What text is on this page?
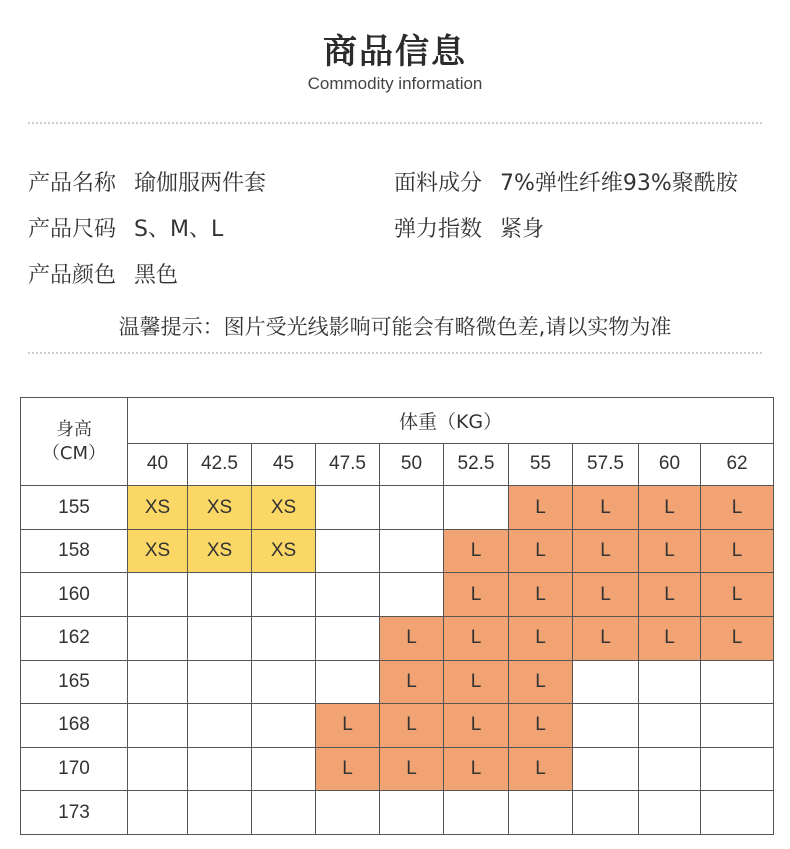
商品信息
Commodity information
产品名称 瑜伽服两件套	面料成分 7%弹性纤维93%聚酰胺
产品尺码 S、M、L	弹力指数 紧身
产品颜色 黑色
温馨提示：图片受光线影响可能会有略微色差,请以实物为准
身高
（CM）	体重（KG）									
	40	42.5	45	47.5	50	52.5	55	57.5	60	62
155	XS	XS	XS				L	L	L	L
158	XS	XS	XS			L	L	L	L	L
160						L	L	L	L	L
162					L	L	L	L	L	L
165					L	L	L			
168				L	L	L	L			
170				L	L	L	L			
173										
